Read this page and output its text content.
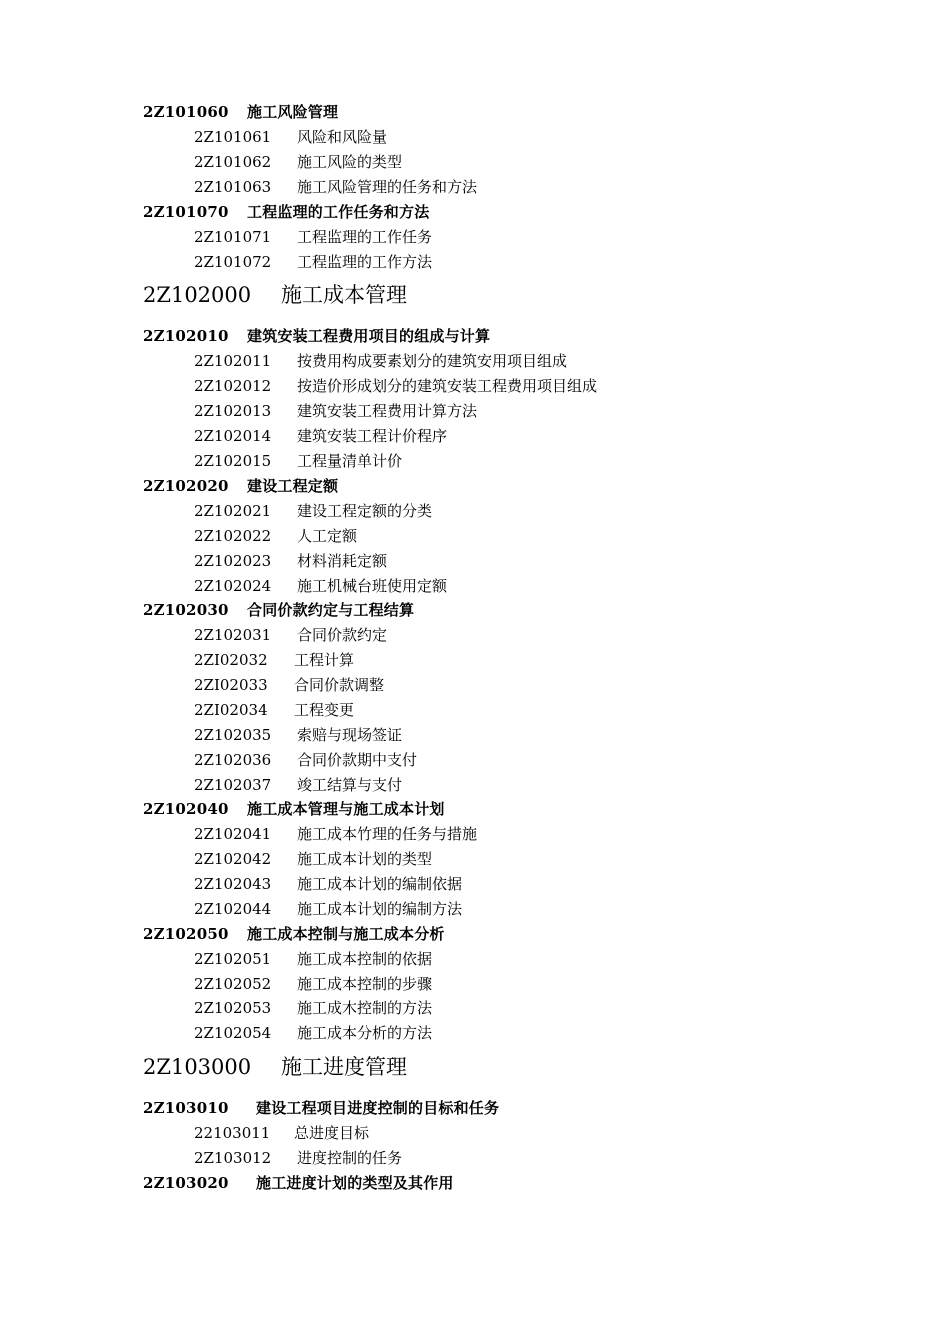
2Z101060 施工风险管理
2Z101061 风险和风险量
2Z101062 施工风险的类型
2Z101063 施工风险管理的任务和方法
2Z101070 工程监理的工作任务和方法
2Z101071 工程监理的工作任务
2Z101072 工程监理的工作方法
2Z102000 施工成本管理
2Z102010 建筑安装工程费用项目的组成与计算
2Z102011 按费用构成要素划分的建筑安用项目组成
2Z102012 按造价形成划分的建筑安装工程费用项目组成
2Z102013 建筑安装工程费用计算方法
2Z102014 建筑安装工程计价程序
2Z102015 工程量清单计价
2Z102020 建设工程定额
2Z102021 建设工程定额的分类
2Z102022 人工定额
2Z102023 材料消耗定额
2Z102024 施工机械台班使用定额
2Z102030 合同价款约定与工程结算
2Z102031 合同价款约定
2ZI02032 工程计算
2ZI02033 合同价款调整
2ZI02034 工程变更
2Z102035 索赔与现场签证
2Z102036 合同价款期中支付
2Z102037 竣工结算与支付
2Z102040 施工成本管理与施工成本计划
2Z102041 施工成本竹理的任务与措施
2Z102042 施工成本计划的类型
2Z102043 施工成本计划的编制依据
2Z102044 施工成本计划的编制方法
2Z102050 施工成本控制与施工成本分析
2Z102051 施工成本控制的依据
2Z102052 施工成本控制的步骤
2Z102053 施工成木控制的方法
2Z102054 施工成本分析的方法
2Z103000 施工进度管理
2Z103010 建设工程项目进度控制的目标和任务
22103011 总进度目标
2Z103012 进度控制的任务
2Z103020 施工进度计划的类型及其作用
